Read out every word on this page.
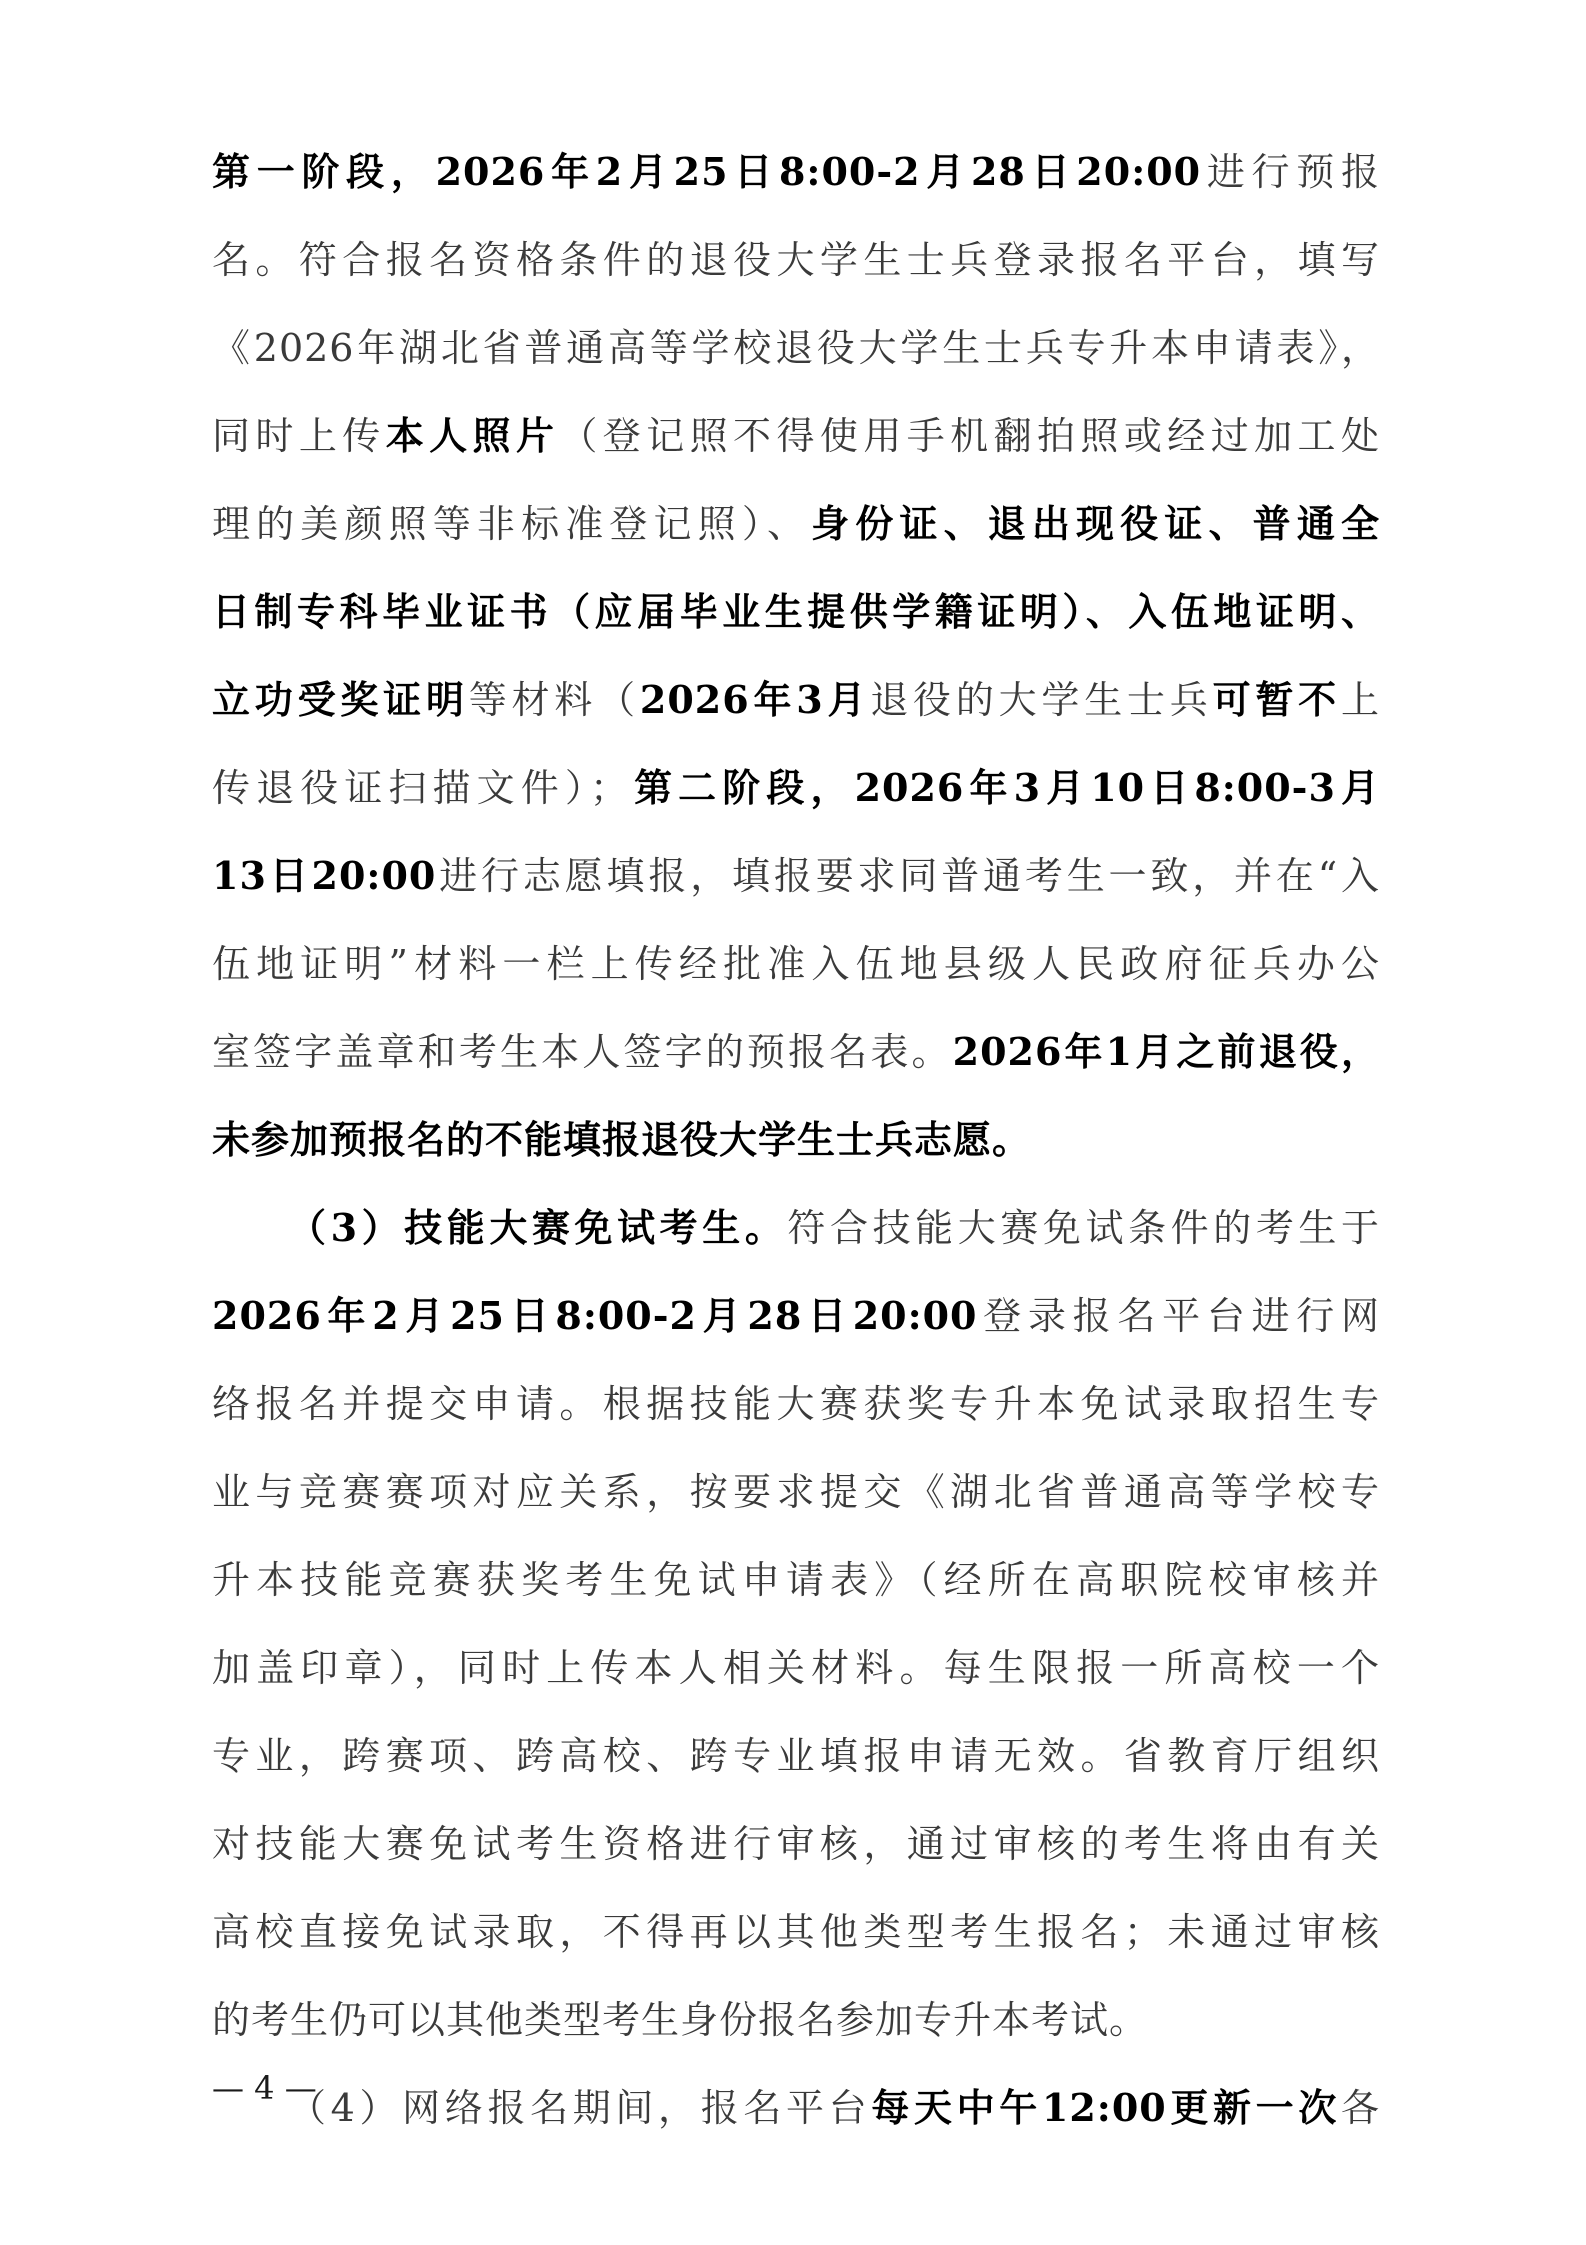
第一阶段，2026年2月25日8:00-2月28日20:00进行预报
名。符合报名资格条件的退役大学生士兵登录报名平台，填写
《2026年湖北省普通高等学校退役大学生士兵专升本申请表》，
同时上传本人照片（登记照不得使用手机翻拍照或经过加工处
理的美颜照等非标准登记照）、身份证、退出现役证、普通全
日制专科毕业证书（应届毕业生提供学籍证明）、入伍地证明、
立功受奖证明等材料（2026年3月退役的大学生士兵可暂不上
传退役证扫描文件）；第二阶段，2026年3月10日8:00-3月
13日20:00进行志愿填报，填报要求同普通考生一致，并在“入
伍地证明”材料一栏上传经批准入伍地县级人民政府征兵办公
室签字盖章和考生本人签字的预报名表。2026年1月之前退役，
未参加预报名的不能填报退役大学生士兵志愿。
（3）技能大赛免试考生。符合技能大赛免试条件的考生于
2026年2月25日8:00-2月28日20:00登录报名平台进行网
络报名并提交申请。根据技能大赛获奖专升本免试录取招生专
业与竞赛赛项对应关系，按要求提交《湖北省普通高等学校专
升本技能竞赛获奖考生免试申请表》（经所在高职院校审核并
加盖印章），同时上传本人相关材料。每生限报一所高校一个
专业，跨赛项、跨高校、跨专业填报申请无效。省教育厅组织
对技能大赛免试考生资格进行审核，通过审核的考生将由有关
高校直接免试录取，不得再以其他类型考生报名；未通过审核
的考生仍可以其他类型考生身份报名参加专升本考试。
（4）网络报名期间，报名平台每天中午12:00更新一次各
— 4 —
